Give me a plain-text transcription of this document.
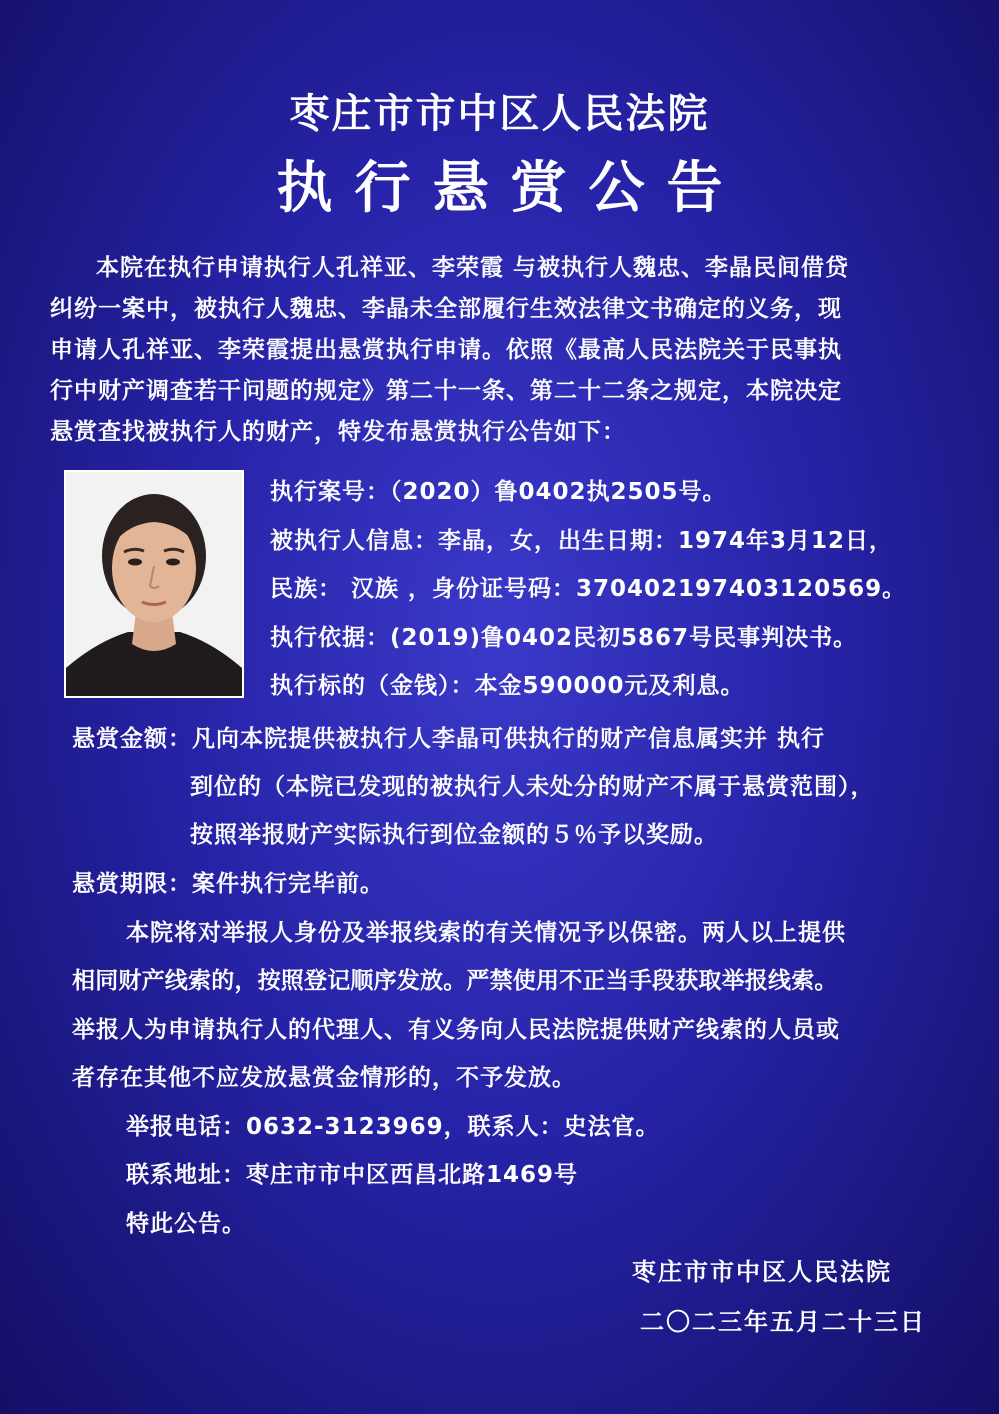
枣庄市市中区人民法院
执行悬赏公告
本院在执行申请执行人孔祥亚、李荣霞 与被执行人魏忠、李晶民间借贷
纠纷一案中，被执行人魏忠、李晶未全部履行生效法律文书确定的义务，现
申请人孔祥亚、李荣霞提出悬赏执行申请。依照《最高人民法院关于民事执
行中财产调查若干问题的规定》第二十一条、第二十二条之规定，本院决定
悬赏查找被执行人的财产，特发布悬赏执行公告如下：
执行案号：（2020）鲁0402执2505号。
被执行人信息：李晶，女，出生日期：1974年3月12日，
民族： 汉族 ，身份证号码：370402197403120569。
执行依据：(2019)鲁0402民初5867号民事判决书。
执行标的（金钱）：本金590000元及利息。
悬赏金额：凡向本院提供被执行人李晶可供执行的财产信息属实并 执行
到位的（本院已发现的被执行人未处分的财产不属于悬赏范围），
按照举报财产实际执行到位金额的５％予以奖励。
悬赏期限：案件执行完毕前。
本院将对举报人身份及举报线索的有关情况予以保密。两人以上提供
相同财产线索的，按照登记顺序发放。严禁使用不正当手段获取举报线索。
举报人为申请执行人的代理人、有义务向人民法院提供财产线索的人员或
者存在其他不应发放悬赏金情形的，不予发放。
举报电话：0632-3123969，联系人：史法官。
联系地址：枣庄市市中区西昌北路1469号
特此公告。
枣庄市市中区人民法院
二〇二三年五月二十三日
